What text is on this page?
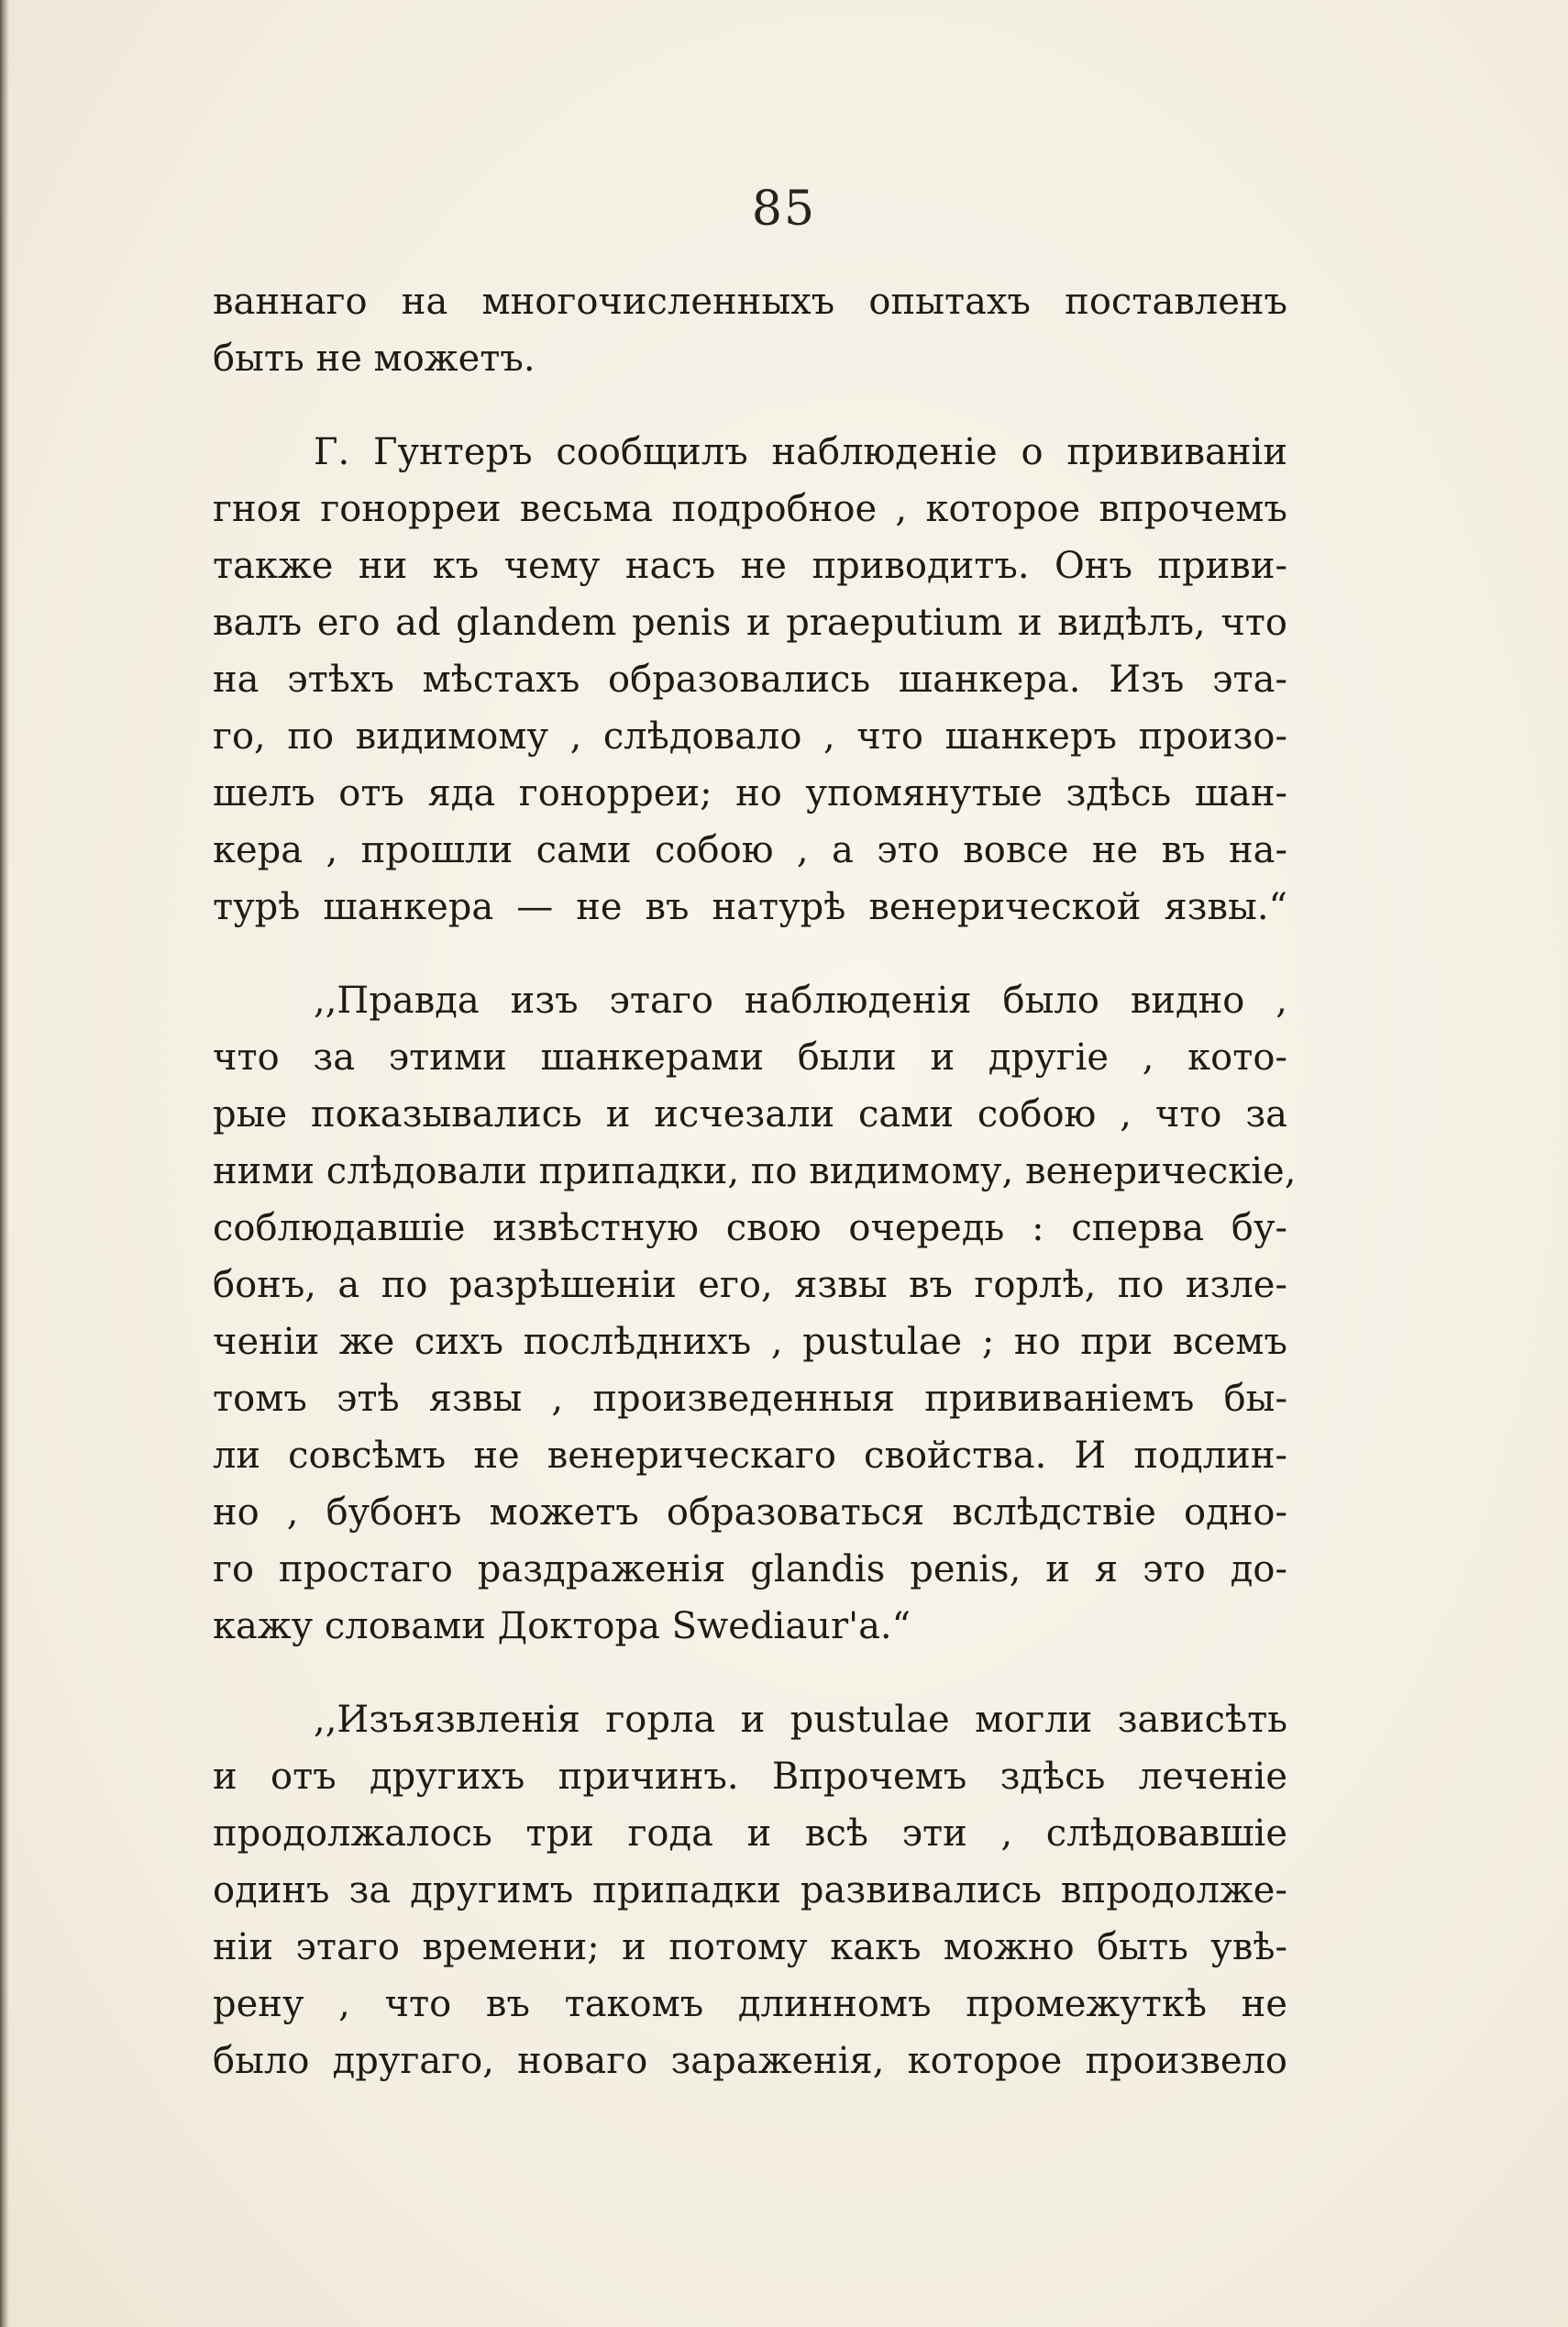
85
ваннаго на многочисленныхъ опытахъ поставленъ
быть не можетъ.
Г. Гунтеръ сообщилъ наблюденіе о прививаніи
гноя гонорреи весьма подробное , которое впрочемъ
также ни къ чему насъ не приводитъ. Онъ приви-
валъ его ad glandem penis и praeputium и видѣлъ, что
на этѣхъ мѣстахъ образовались шанкера. Изъ эта-
го, по видимому , слѣдовало , что шанкеръ произо-
шелъ отъ яда гонорреи; но упомянутые здѣсь шан-
кера , прошли сами собою , а это вовсе не въ на-
турѣ шанкера — не въ натурѣ венерической язвы.“
,,Правда изъ этаго наблюденія было видно ,
что за этими шанкерами были и другіе , кото-
рые показывались и исчезали сами собою , что за
ними слѣдовали припадки, по видимому, венерическіе,
соблюдавшіе извѣстную свою очередь : сперва бу-
бонъ, а по разрѣшеніи его, язвы въ горлѣ, по изле-
ченіи же сихъ послѣднихъ , pustulae ; но при всемъ
томъ этѣ язвы , произведенныя прививаніемъ бы-
ли совсѣмъ не венерическаго свойства. И подлин-
но , бубонъ можетъ образоваться вслѣдствіе одно-
го простаго раздраженія glandis penis, и я это до-
кажу словами Доктора Swediaur'а.“
,,Изъязвленія горла и pustulae могли зависѣть
и отъ другихъ причинъ. Впрочемъ здѣсь леченіе
продолжалось три года и всѣ эти , слѣдовавшіе
одинъ за другимъ припадки развивались впродолже-
ніи этаго времени; и потому какъ можно быть увѣ-
рену , что въ такомъ длинномъ промежуткѣ не
было другаго, новаго зараженія, которое произвело
